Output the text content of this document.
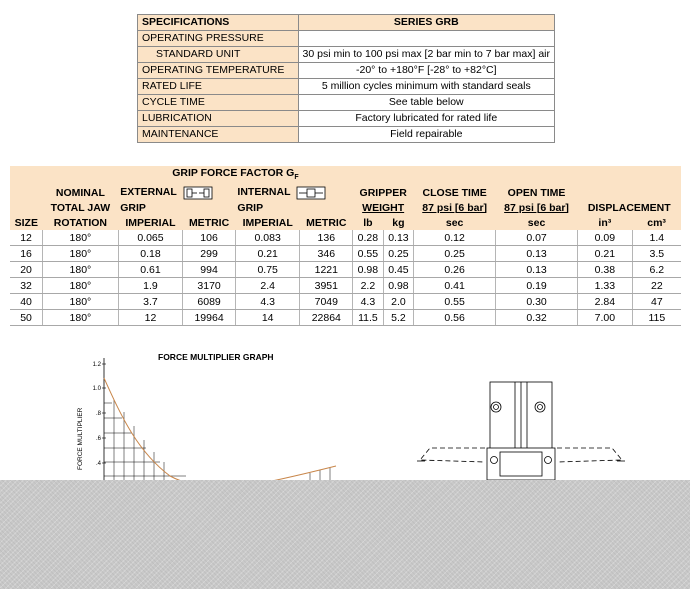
SPECIFICATIONS	SERIES GRB
OPERATING PRESSURE	
STANDARD UNIT	30 psi min to 100 psi max [2 bar min to 7 bar max] air
OPERATING TEMPERATURE	-20° to +180°F [-28° to +82°C]
RATED LIFE	5 million cycles minimum with standard seals
CYCLE TIME	See table below
LUBRICATION	Factory lubricated for rated life
MAINTENANCE	Field repairable
		GRIP FORCE FACTOR $G_F$				
	NOMINAL	EXTERNAL		INTERNAL		GRIPPER		CLOSE TIME	OPEN TIME		
	TOTAL JAW	GRIP		GRIP		WEIGHT		87 psi [6 bar]	87 psi [6 bar]	DISPLACEMENT	
SIZE	ROTATION	IMPERIAL	METRIC	IMPERIAL	METRIC	lb	kg	sec	sec	in³	cm³
12	180°	0.065	106	0.083	136	0.28	0.13	0.12	0.07	0.09	1.4
16	180°	0.18	299	0.21	346	0.55	0.25	0.25	0.13	0.21	3.5
20	180°	0.61	994	0.75	1221	0.98	0.45	0.26	0.13	0.38	6.2
32	180°	1.9	3170	2.4	3951	2.2	0.98	0.41	0.19	1.33	22
40	180°	3.7	6089	4.3	7049	4.3	2.0	0.55	0.30	2.84	47
50	180°	12	19964	14	22864	11.5	5.2	0.56	0.32	7.00	115
FORCE MULTIPLIER GRAPH
FORCE MULTIPLIER
1.2
1.0
.8
.6
.4
